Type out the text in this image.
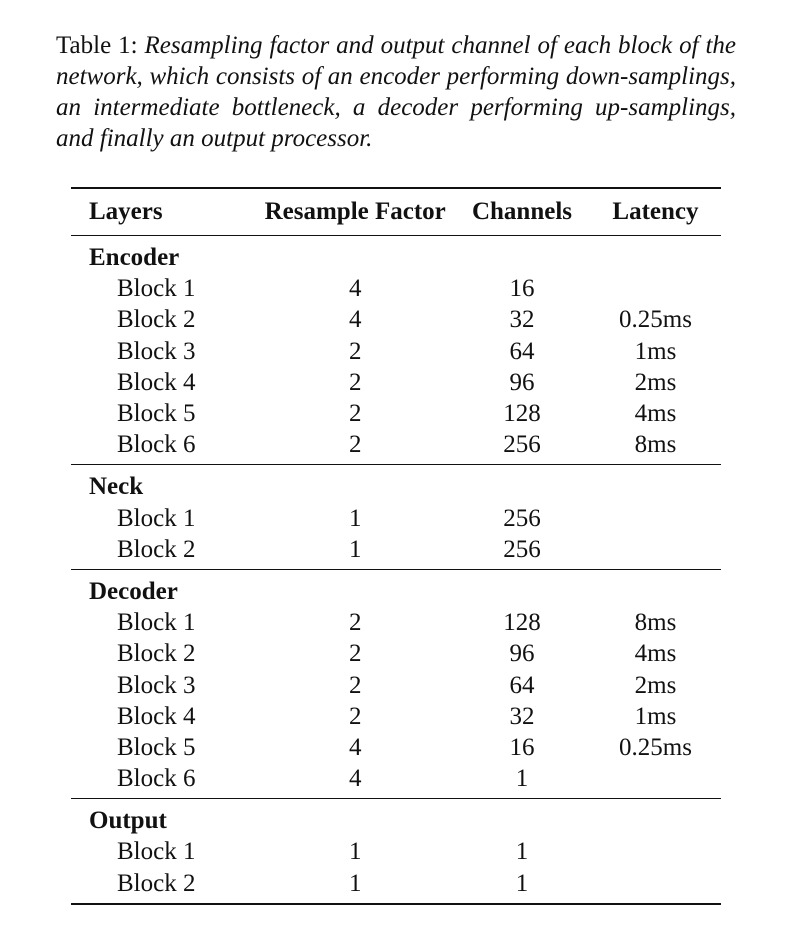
Table 1: Resampling factor and output channel of each block of the network, which consists of an encoder performing down-samplings, an intermediate bottleneck, a decoder performing up-samplings, and finally an output processor.
Layers	Resample Factor	Channels	Latency
Encoder			
Block 1	4	16	
Block 2	4	32	0.25ms
Block 3	2	64	1ms
Block 4	2	96	2ms
Block 5	2	128	4ms
Block 6	2	256	8ms
Neck			
Block 1	1	256	
Block 2	1	256	
Decoder			
Block 1	2	128	8ms
Block 2	2	96	4ms
Block 3	2	64	2ms
Block 4	2	32	1ms
Block 5	4	16	0.25ms
Block 6	4	1	
Output			
Block 1	1	1	
Block 2	1	1	
